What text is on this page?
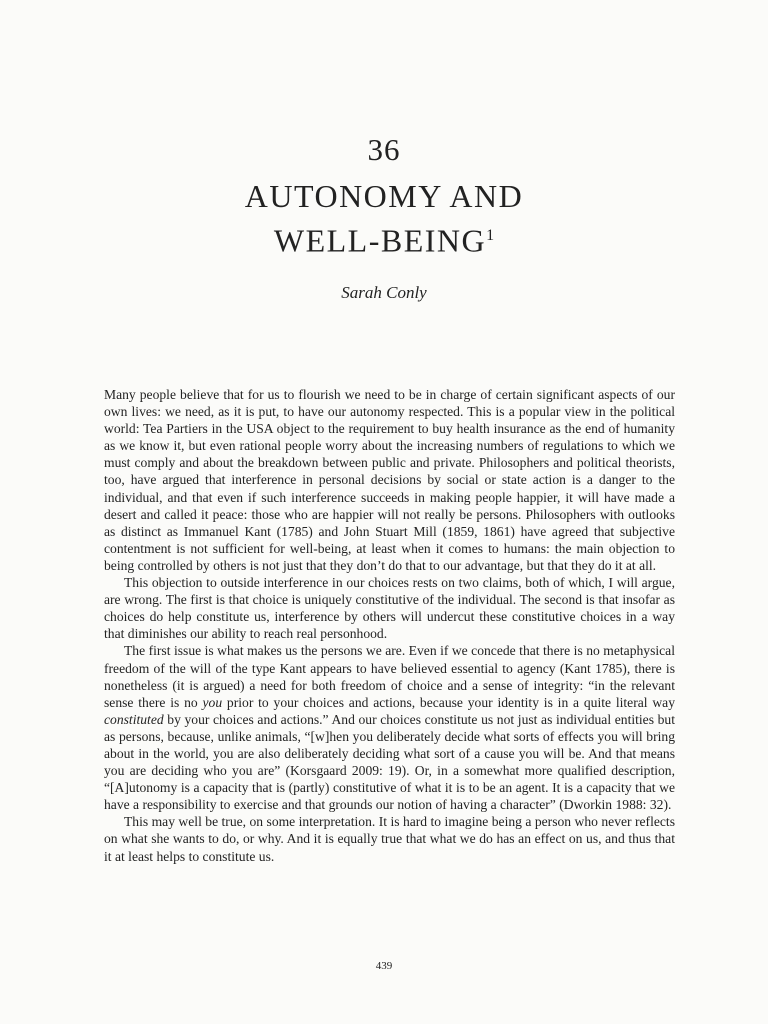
36
AUTONOMY AND
WELL-BEING$^1$
Sarah Conly

Many people believe that for us to flourish we need to be in charge of certain significant aspects of our own lives: we need, as it is put, to have our autonomy respected. This is a popular view in the political world: Tea Partiers in the USA object to the requirement to buy health insurance as the end of humanity as we know it, but even rational people worry about the increasing numbers of regulations to which we must comply and about the breakdown between public and private. Philosophers and political theorists, too, have argued that interference in personal decisions by social or state action is a danger to the individual, and that even if such interference succeeds in making people happier, it will have made a desert and called it peace: those who are happier will not really be persons. Philosophers with outlooks as distinct as Immanuel Kant (1785) and John Stuart Mill (1859, 1861) have agreed that subjective contentment is not sufficient for well-being, at least when it comes to humans: the main objection to being controlled by others is not just that they don’t do that to our advantage, but that they do it at all.

This objection to outside interference in our choices rests on two claims, both of which, I will argue, are wrong. The first is that choice is uniquely constitutive of the individual. The second is that insofar as choices do help constitute us, interference by others will undercut these constitutive choices in a way that diminishes our ability to reach real personhood.

The first issue is what makes us the persons we are. Even if we concede that there is no metaphysical freedom of the will of the type Kant appears to have believed essential to agency (Kant 1785), there is nonetheless (it is argued) a need for both freedom of choice and a sense of integrity: “in the relevant sense there is no you prior to your choices and actions, because your identity is in a quite literal way constituted by your choices and actions.” And our choices constitute us not just as individual entities but as persons, because, unlike animals, “[w]hen you deliberately decide what sorts of effects you will bring about in the world, you are also deliberately deciding what sort of a cause you will be. And that means you are deciding who you are” (Korsgaard 2009: 19). Or, in a somewhat more qualified description, “[A]utonomy is a capacity that is (partly) constitutive of what it is to be an agent. It is a capacity that we have a responsibility to exercise and that grounds our notion of having a character” (Dworkin 1988: 32).

This may well be true, on some interpretation. It is hard to imagine being a person who never reflects on what she wants to do, or why. And it is equally true that what we do has an effect on us, and thus that it at least helps to constitute us.

439
